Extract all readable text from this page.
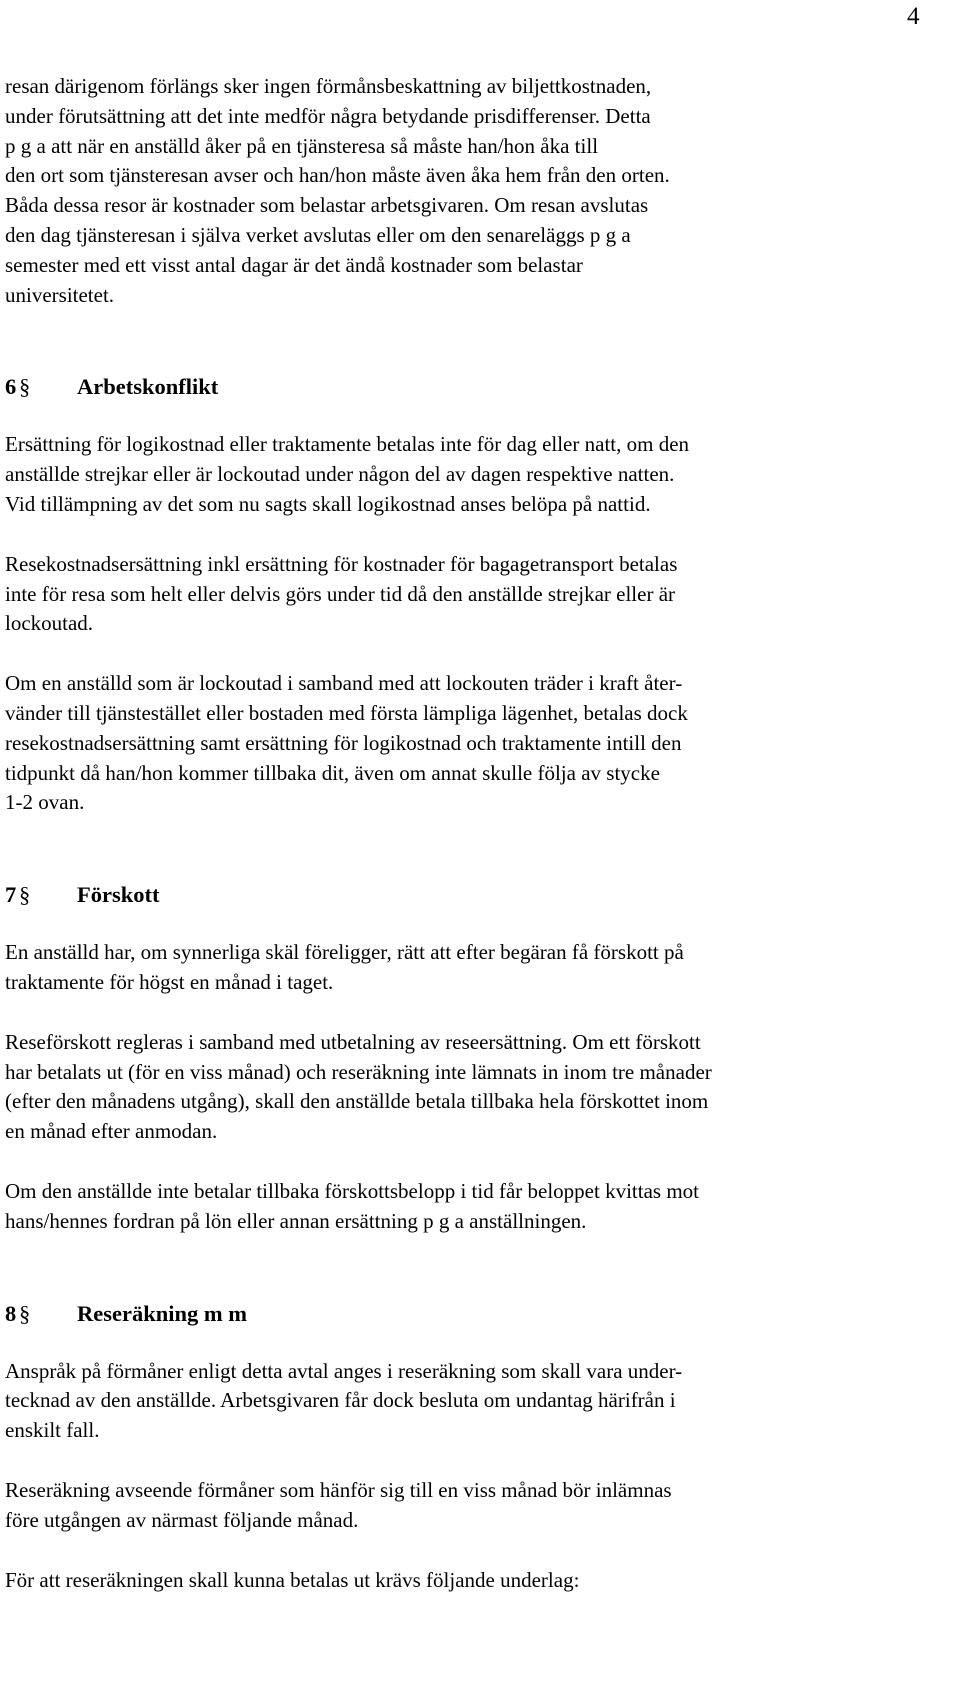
4

resan därigenom förlängs sker ingen förmånsbeskattning av biljettkostnaden,
under förutsättning att det inte medför några betydande prisdifferenser. Detta
p g a att när en anställd åker på en tjänsteresa så måste han/hon åka till
den ort som tjänsteresan avser och han/hon måste även åka hem från den orten.
Båda dessa resor är kostnader som belastar arbetsgivaren. Om resan avslutas
den dag tjänsteresan i själva verket avslutas eller om den senareläggs p g a
semester med ett visst antal dagar är det ändå kostnader som belastar
universitetet.

6 §	Arbetskonflikt

Ersättning för logikostnad eller traktamente betalas inte för dag eller natt, om den
anställde strejkar eller är lockoutad under någon del av dagen respektive natten.
Vid tillämpning av det som nu sagts skall logikostnad anses belöpa på nattid.

Resekostnadsersättning inkl ersättning för kostnader för bagagetransport betalas
inte för resa som helt eller delvis görs under tid då den anställde strejkar eller är
lockoutad.

Om en anställd som är lockoutad i samband med att lockouten träder i kraft åter-
vänder till tjänstestället eller bostaden med första lämpliga lägenhet, betalas dock
resekostnadsersättning samt ersättning för logikostnad och traktamente intill den
tidpunkt då han/hon kommer tillbaka dit, även om annat skulle följa av stycke
1-2 ovan.

7 §	Förskott

En anställd har, om synnerliga skäl föreligger, rätt att efter begäran få förskott på
traktamente för högst en månad i taget.

Reseförskott regleras i samband med utbetalning av reseersättning. Om ett förskott
har betalats ut (för en viss månad) och reseräkning inte lämnats in inom tre månader
(efter den månadens utgång), skall den anställde betala tillbaka hela förskottet inom
en månad efter anmodan.

Om den anställde inte betalar tillbaka förskottsbelopp i tid får beloppet kvittas mot
hans/hennes fordran på lön eller annan ersättning p g a anställningen.

8 §	Reseräkning m m

Anspråk på förmåner enligt detta avtal anges i reseräkning som skall vara under-
tecknad av den anställde. Arbetsgivaren får dock besluta om undantag härifrån i
enskilt fall.

Reseräkning avseende förmåner som hänför sig till en viss månad bör inlämnas
före utgången av närmast följande månad.

För att reseräkningen skall kunna betalas ut krävs följande underlag:
